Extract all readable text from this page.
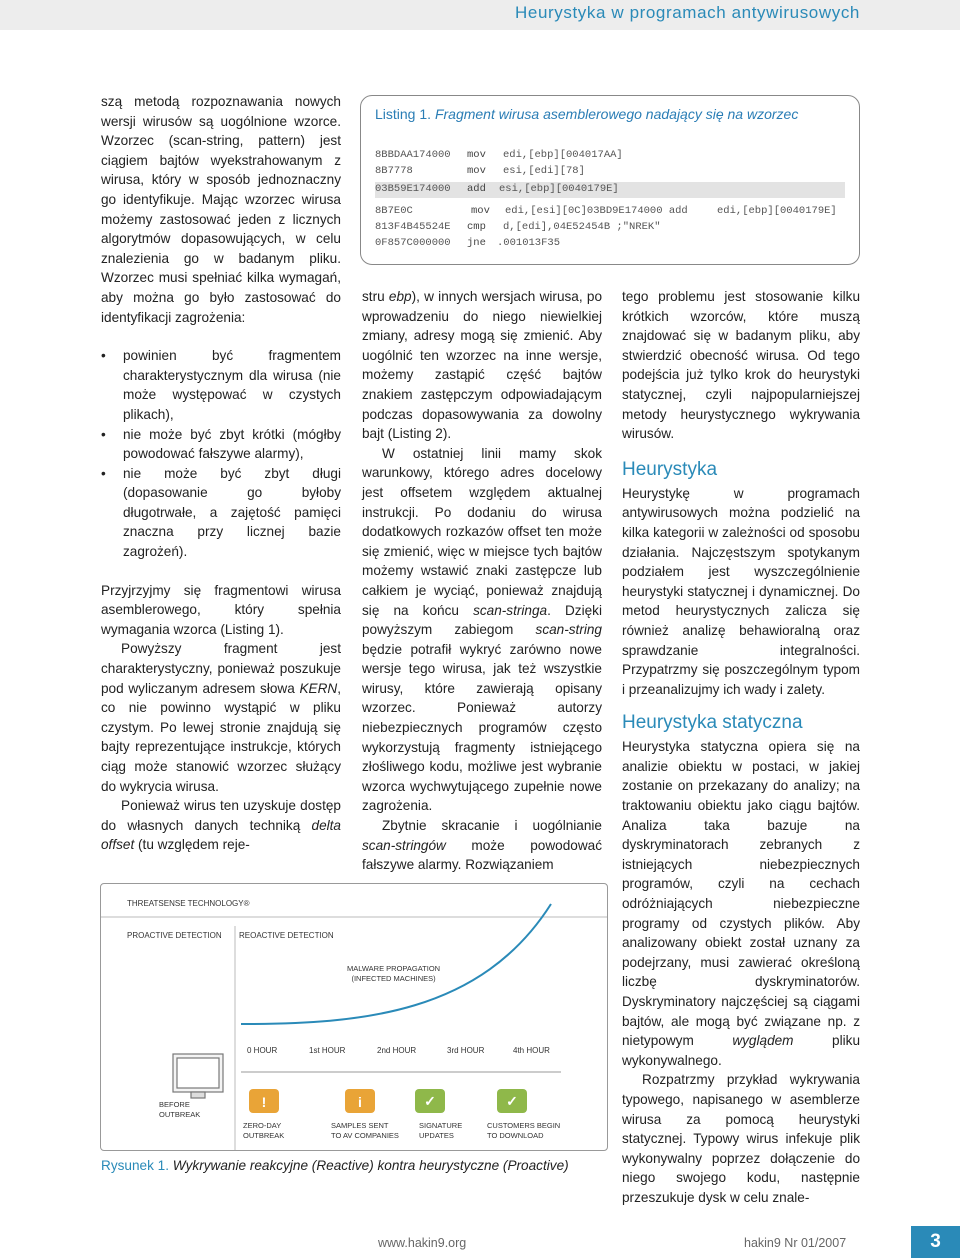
Heurystyka w programach antywirusowych

szą metodą rozpoznawania nowych wersji wirusów są uogólnione wzorce. Wzorzec (scan-string, pattern) jest ciągiem bajtów wyekstrahowanym z wirusa, który w sposób jednoznaczny go identyfikuje. Mając wzorzec wirusa możemy zastosować jeden z licznych algorytmów dopasowujących, w celu znalezienia go w badanym pliku. Wzorzec musi spełniać kilka wymagań, aby można go było zastosować do identyfikacji zagrożenia:

• powinien być fragmentem charakterystycznym dla wirusa (nie może występować w czystych plikach),
• nie może być zbyt krótki (mógłby powodować fałszywe alarmy),
• nie może być zbyt długi (dopasowanie go byłoby długotrwałe, a zajętość pamięci znaczna przy licznej bazie zagrożeń).

Przyjrzyjmy się fragmentowi wirusa asemblerowego, który spełnia wymagania wzorca (Listing 1).

Powyższy fragment jest charakterystyczny, ponieważ poszukuje pod wyliczanym adresem słowa KERN, co nie powinno wystąpić w pliku czystym. Po lewej stronie znajdują się bajty reprezentujące instrukcje, których ciąg może stanowić wzorzec służący do wykrycia wirusa.

Ponieważ wirus ten uzyskuje dostęp do własnych danych techniką delta offset (tu względem reje-

Listing 1. Fragment wirusa asemblerowego nadający się na wzorzec

8BBDAA174000 mov edi,[ebp][004017AA]

8B7778	mov esi,[edi][78]

03B59E174000 add esi,[ebp][0040179E]

8B7E0C	mov edi,[esi][0C]03BD9E174000 add	edi,[ebp][0040179E]

813F4B45524E cmp d,[edi],04E52454B ;"NREK"

0F857C000000 jne .001013F35

stru ebp), w innych wersjach wirusa, po wprowadzeniu do niego niewielkiej zmiany, adresy mogą się zmienić. Aby uogólnić ten wzorzec na inne wersje, możemy zastąpić część bajtów znakiem zastępczym odpowiadającym podczas dopasowywania za dowolny bajt (Listing 2).

W ostatniej linii mamy skok warunkowy, którego adres docelowy jest offsetem względem aktualnej instrukcji. Po dodaniu do wirusa dodatkowych rozkazów offset ten może się zmienić, więc w miejsce tych bajtów możemy wstawić znaki zastępcze lub całkiem je wyciąć, ponieważ znajdują się na końcu scan-stringa. Dzięki powyższym zabiegom scan-string będzie potrafił wykryć zarówno nowe wersje tego wirusa, jak też wszystkie wirusy, które zawierają opisany wzorzec. Ponieważ autorzy niebezpiecznych programów często wykorzystują fragmenty istniejącego złośliwego kodu, możliwe jest wybranie wzorca wychwytującego zupełnie nowe zagrożenia.

Zbytnie skracanie i uogólnianie scan-stringów może powodować fałszywe alarmy. Rozwiązaniem

tego problemu jest stosowanie kilku krótkich wzorców, które muszą znajdować się w badanym pliku, aby stwierdzić obecność wirusa. Od tego podejścia już tylko krok do heurystyki statycznej, czyli najpopularniejszej metody heurystycznego wykrywania wirusów.

Heurystyka

Heurystykę w programach antywirusowych można podzielić na kilka kategorii w zależności od sposobu działania. Najczęstszym spotykanym podziałem jest wyszczególnienie heurystyki statycznej i dynamicznej. Do metod heurystycznych zalicza się również analizę behawioralną oraz sprawdzanie integralności. Przypatrzmy się poszczególnym typom i przeanalizujmy ich wady i zalety.

Heurystyka statyczna

Heurystyka statyczna opiera się na analizie obiektu w postaci, w jakiej zostanie on przekazany do analizy; na traktowaniu obiektu jako ciągu bajtów. Analiza taka bazuje na dyskryminatorach zebranych z istniejących niebezpiecznych programów, czyli na cechach odróżniających niebezpieczne programy od czystych plików. Aby analizowany obiekt został uznany za podejrzany, musi zawierać określoną liczbę dyskryminatorów. Dyskryminatory najczęściej są ciągami bajtów, ale mogą być związane np. z nietypowym wyglądem pliku wykonywalnego.

Rozpatrzmy przykład wykrywania typowego, napisanego w asemblerze wirusa za pomocą heurystyki statycznej. Typowy wirus infekuje plik wykonywalny poprzez dołączenie do niego swojego kodu, następnie przeszukuje dysk w celu znale-

!	i	✓	✓
THREATSENSE TECHNOLOGY®
PROACTIVE DETECTION REOACTIVE DETECTION
MALWARE PROPAGATION
(INFECTED MACHINES)
0 HOUR	1st HOUR	2nd HOUR	3rd HOUR	4th HOUR
BEFORE
OUTBREAK
ZERO-DAY
OUTBREAK
SAMPLES SENT
TO AV COMPANIES
SIGNATURE
UPDATES
CUSTOMERS BEGIN
TO DOWNLOAD
Rysunek 1. Wykrywanie reakcyjne (Reactive) kontra heurystyczne (Proactive)
www.hakin9.org	hakin9 Nr 01/2007	3
